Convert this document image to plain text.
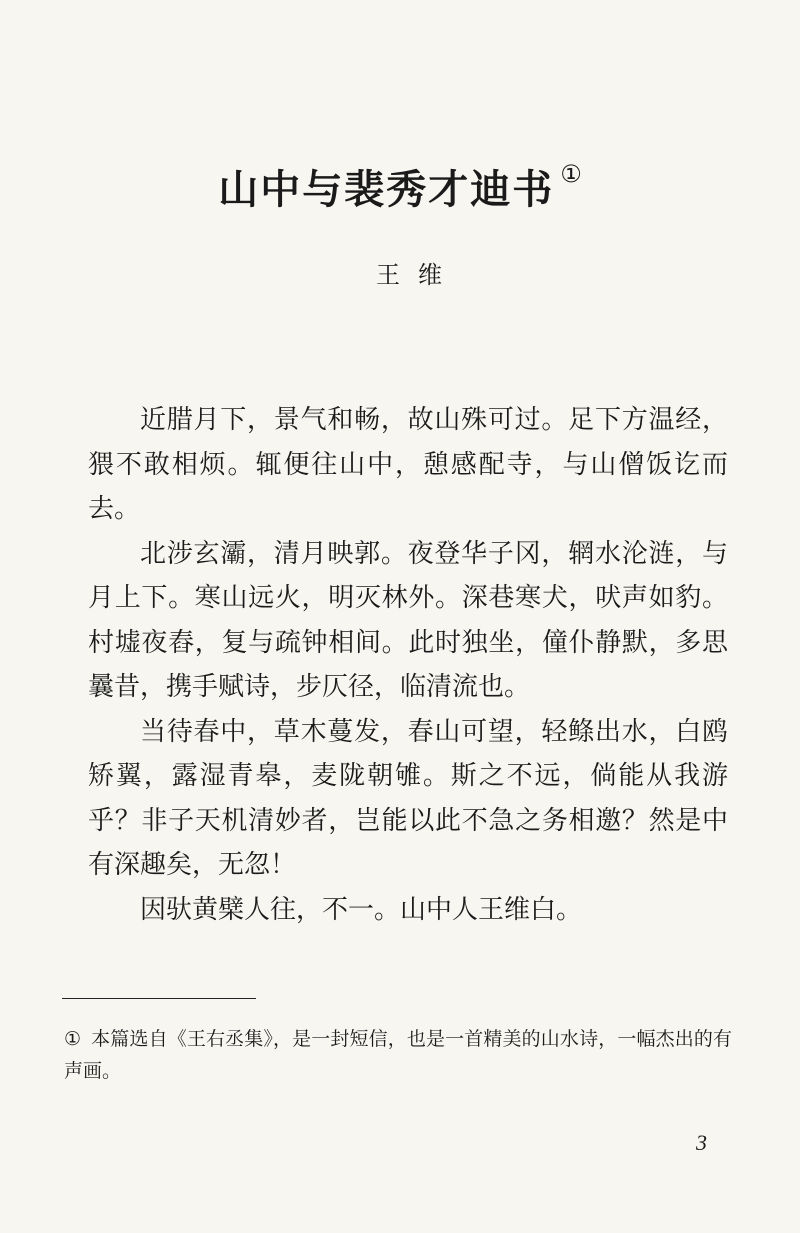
山中与裴秀才迪书 ①
王维

近腊月下，景气和畅，故山殊可过。足下方温经，猥不敢相烦。辄便往山中，憩感配寺，与山僧饭讫而去。

北涉玄灞，清月映郭。夜登华子冈，辋水沦涟，与月上下。寒山远火，明灭林外。深巷寒犬，吠声如豹。村墟夜舂，复与疏钟相间。此时独坐，僮仆静默，多思曩昔，携手赋诗，步仄径，临清流也。

当待春中，草木蔓发，春山可望，轻鲦出水，白鸥矫翼，露湿青皋，麦陇朝雊。斯之不远，倘能从我游乎？非子天机清妙者，岂能以此不急之务相邀？然是中有深趣矣，无忽！

因驮黄檗人往，不一。山中人王维白。

① 本篇选自《王右丞集》，是一封短信，也是一首精美的山水诗，一幅杰出的有声画。
3
